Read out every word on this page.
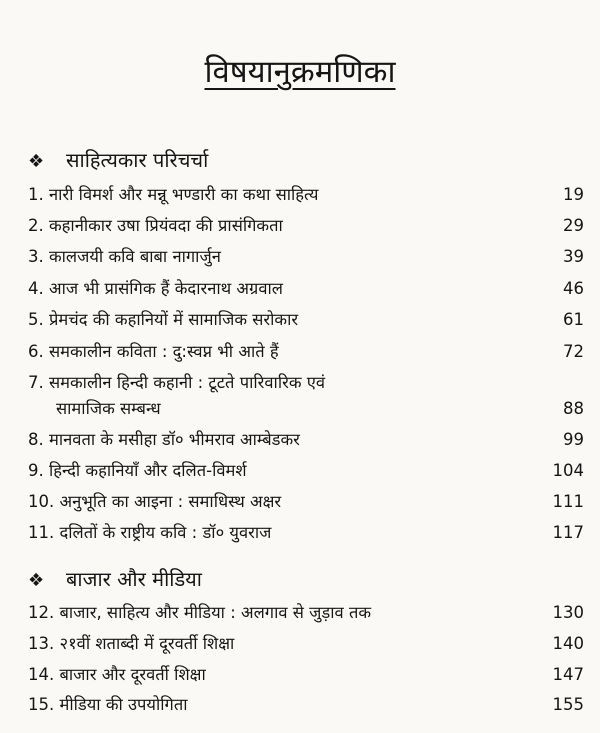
विषयानुक्रमणिका
❖ साहित्यकार परिचर्चा
1. नारी विमर्श और मन्नू भण्डारी का कथा साहित्य	19
2. कहानीकार उषा प्रियंवदा की प्रासंगिकता	29
3. कालजयी कवि बाबा नागार्जुन	39
4. आज भी प्रासंगिक हैं केदारनाथ अग्रवाल	46
5. प्रेमचंद की कहानियों में सामाजिक सरोकार	61
6. समकालीन कविता : दु:स्वप्न भी आते हैं	72
7. समकालीन हिन्दी कहानी : टूटते पारिवारिक एवं
सामाजिक सम्बन्ध	88
8. मानवता के मसीहा डॉ० भीमराव आम्बेडकर	99
9. हिन्दी कहानियाँ और दलित-विमर्श	104
10. अनुभूति का आइना : समाधिस्थ अक्षर	111
11. दलितों के राष्ट्रीय कवि : डॉ० युवराज	117
❖ बाजार और मीडिया
12. बाजार, साहित्य और मीडिया : अलगाव से जुड़ाव तक	130
13. २१वीं शताब्दी में दूरवर्ती शिक्षा	140
14. बाजार और दूरवर्ती शिक्षा	147
15. मीडिया की उपयोगिता	155
